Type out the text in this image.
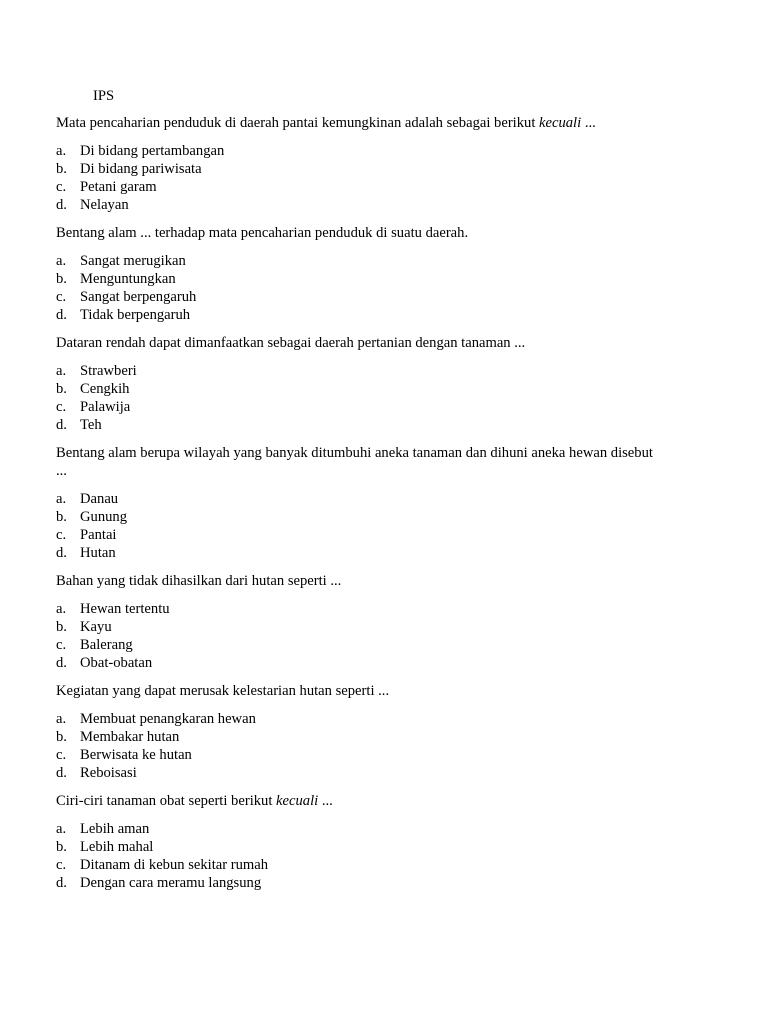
IPS

Mata pencaharian penduduk di daerah pantai kemungkinan adalah sebagai berikut kecuali ...

a. Di bidang pertambangan
b. Di bidang pariwisata
c. Petani garam
d. Nelayan

Bentang alam ... terhadap mata pencaharian penduduk di suatu daerah.

a. Sangat merugikan
b. Menguntungkan
c. Sangat berpengaruh
d. Tidak berpengaruh

Dataran rendah dapat dimanfaatkan sebagai daerah pertanian dengan tanaman ...

a. Strawberi
b. Cengkih
c. Palawija
d. Teh

Bentang alam berupa wilayah yang banyak ditumbuhi aneka tanaman dan dihuni aneka hewan disebut ...

a. Danau
b. Gunung
c. Pantai
d. Hutan

Bahan yang tidak dihasilkan dari hutan seperti ...

a. Hewan tertentu
b. Kayu
c. Balerang
d. Obat-obatan

Kegiatan yang dapat merusak kelestarian hutan seperti ...

a. Membuat penangkaran hewan
b. Membakar hutan
c. Berwisata ke hutan
d. Reboisasi

Ciri-ciri tanaman obat seperti berikut kecuali ...

a. Lebih aman
b. Lebih mahal
c. Ditanam di kebun sekitar rumah
d. Dengan cara meramu langsung
